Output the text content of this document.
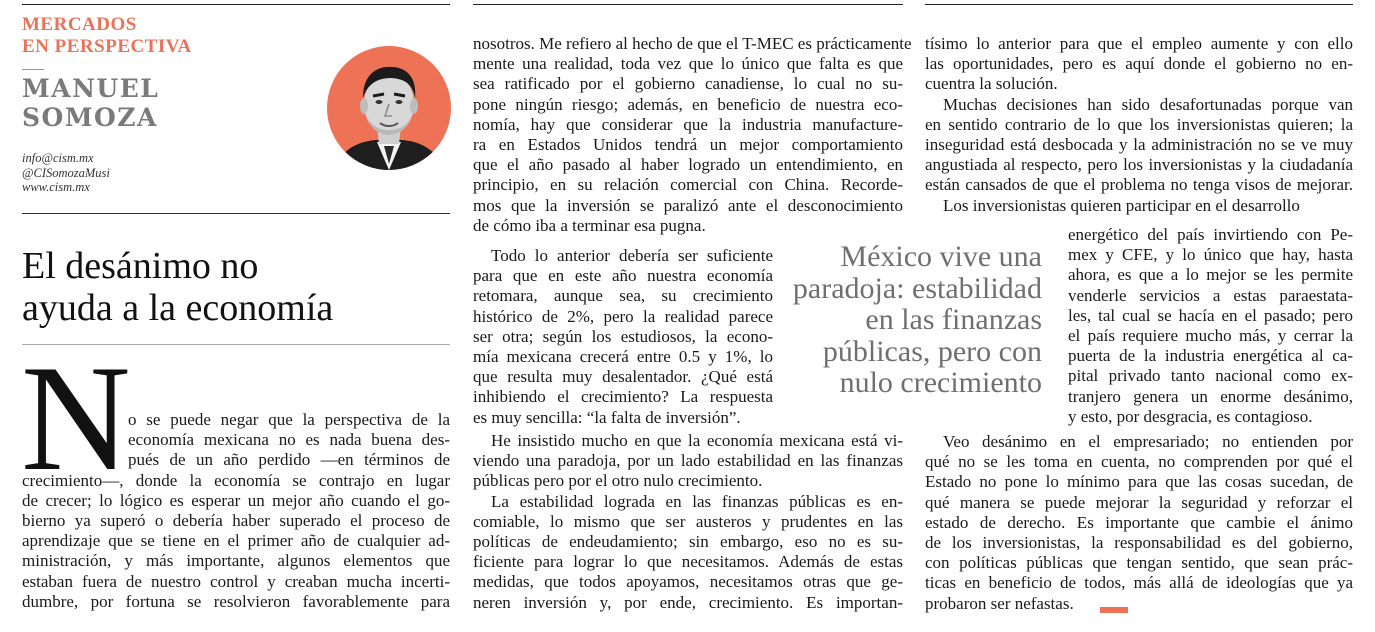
MERCADOS
EN PERSPECTIVA
MANUEL
SOMOZA
info@cism.mx
@CISomozaMusi
www.cism.mx
El desánimo no
ayuda a la economía
N
o se puede negar que la perspectiva de la
economía mexicana no es nada buena des-
pués de un año perdido —en términos de
crecimiento—, donde la economía se contrajo en lugar
de crecer; lo lógico es esperar un mejor año cuando el go-
bierno ya superó o debería haber superado el proceso de
aprendizaje que se tiene en el primer año de cualquier ad-
ministración, y más importante, algunos elementos que
estaban fuera de nuestro control y creaban mucha incerti-
dumbre, por fortuna se resolvieron favorablemente para
nosotros. Me refiero al hecho de que el T-MEC es prácticamente
mente una realidad, toda vez que lo único que falta es que
sea ratificado por el gobierno canadiense, lo cual no su-
pone ningún riesgo; además, en beneficio de nuestra eco-
nomía, hay que considerar que la industria manufacture-
ra en Estados Unidos tendrá un mejor comportamiento
que el año pasado al haber logrado un entendimiento, en
principio, en su relación comercial con China. Recorde-
mos que la inversión se paralizó ante el desconocimiento
de cómo iba a terminar esa pugna.
Todo lo anterior debería ser suficiente
para que en este año nuestra economía
retomara, aunque sea, su crecimiento
histórico de 2%, pero la realidad parece
ser otra; según los estudiosos, la econo-
mía mexicana crecerá entre 0.5 y 1%, lo
que resulta muy desalentador. ¿Qué está
inhibiendo el crecimiento? La respuesta
es muy sencilla: “la falta de inversión”.
He insistido mucho en que la economía mexicana está vi-
viendo una paradoja, por un lado estabilidad en las finanzas
públicas pero por el otro nulo crecimiento.
La estabilidad lograda en las finanzas públicas es en-
comiable, lo mismo que ser austeros y prudentes en las
políticas de endeudamiento; sin embargo, eso no es su-
ficiente para lograr lo que necesitamos. Además de estas
medidas, que todos apoyamos, necesitamos otras que ge-
neren inversión y, por ende, crecimiento. Es importan-
tísimo lo anterior para que el empleo aumente y con ello
las oportunidades, pero es aquí donde el gobierno no en-
cuentra la solución.
Muchas decisiones han sido desafortunadas porque van
en sentido contrario de lo que los inversionistas quieren; la
inseguridad está desbocada y la administración no se ve muy
angustiada al respecto, pero los inversionistas y la ciudadanía
están cansados de que el problema no tenga visos de mejorar.
Los inversionistas quieren participar en el desarrollo
energético del país invirtiendo con Pe-
mex y CFE, y lo único que hay, hasta
ahora, es que a lo mejor se les permite
venderle servicios a estas paraestata-
les, tal cual se hacía en el pasado; pero
el país requiere mucho más, y cerrar la
puerta de la industria energética al ca-
pital privado tanto nacional como ex-
tranjero genera un enorme desánimo,
y esto, por desgracia, es contagioso.
Veo desánimo en el empresariado; no entienden por
qué no se les toma en cuenta, no comprenden por qué el
Estado no pone lo mínimo para que las cosas sucedan, de
qué manera se puede mejorar la seguridad y reforzar el
estado de derecho. Es importante que cambie el ánimo
de los inversionistas, la responsabilidad es del gobierno,
con políticas públicas que tengan sentido, que sean prác-
ticas en beneficio de todos, más allá de ideologías que ya
probaron ser nefastas.
México vive una
paradoja: estabilidad
en las finanzas
públicas, pero con
nulo crecimiento
